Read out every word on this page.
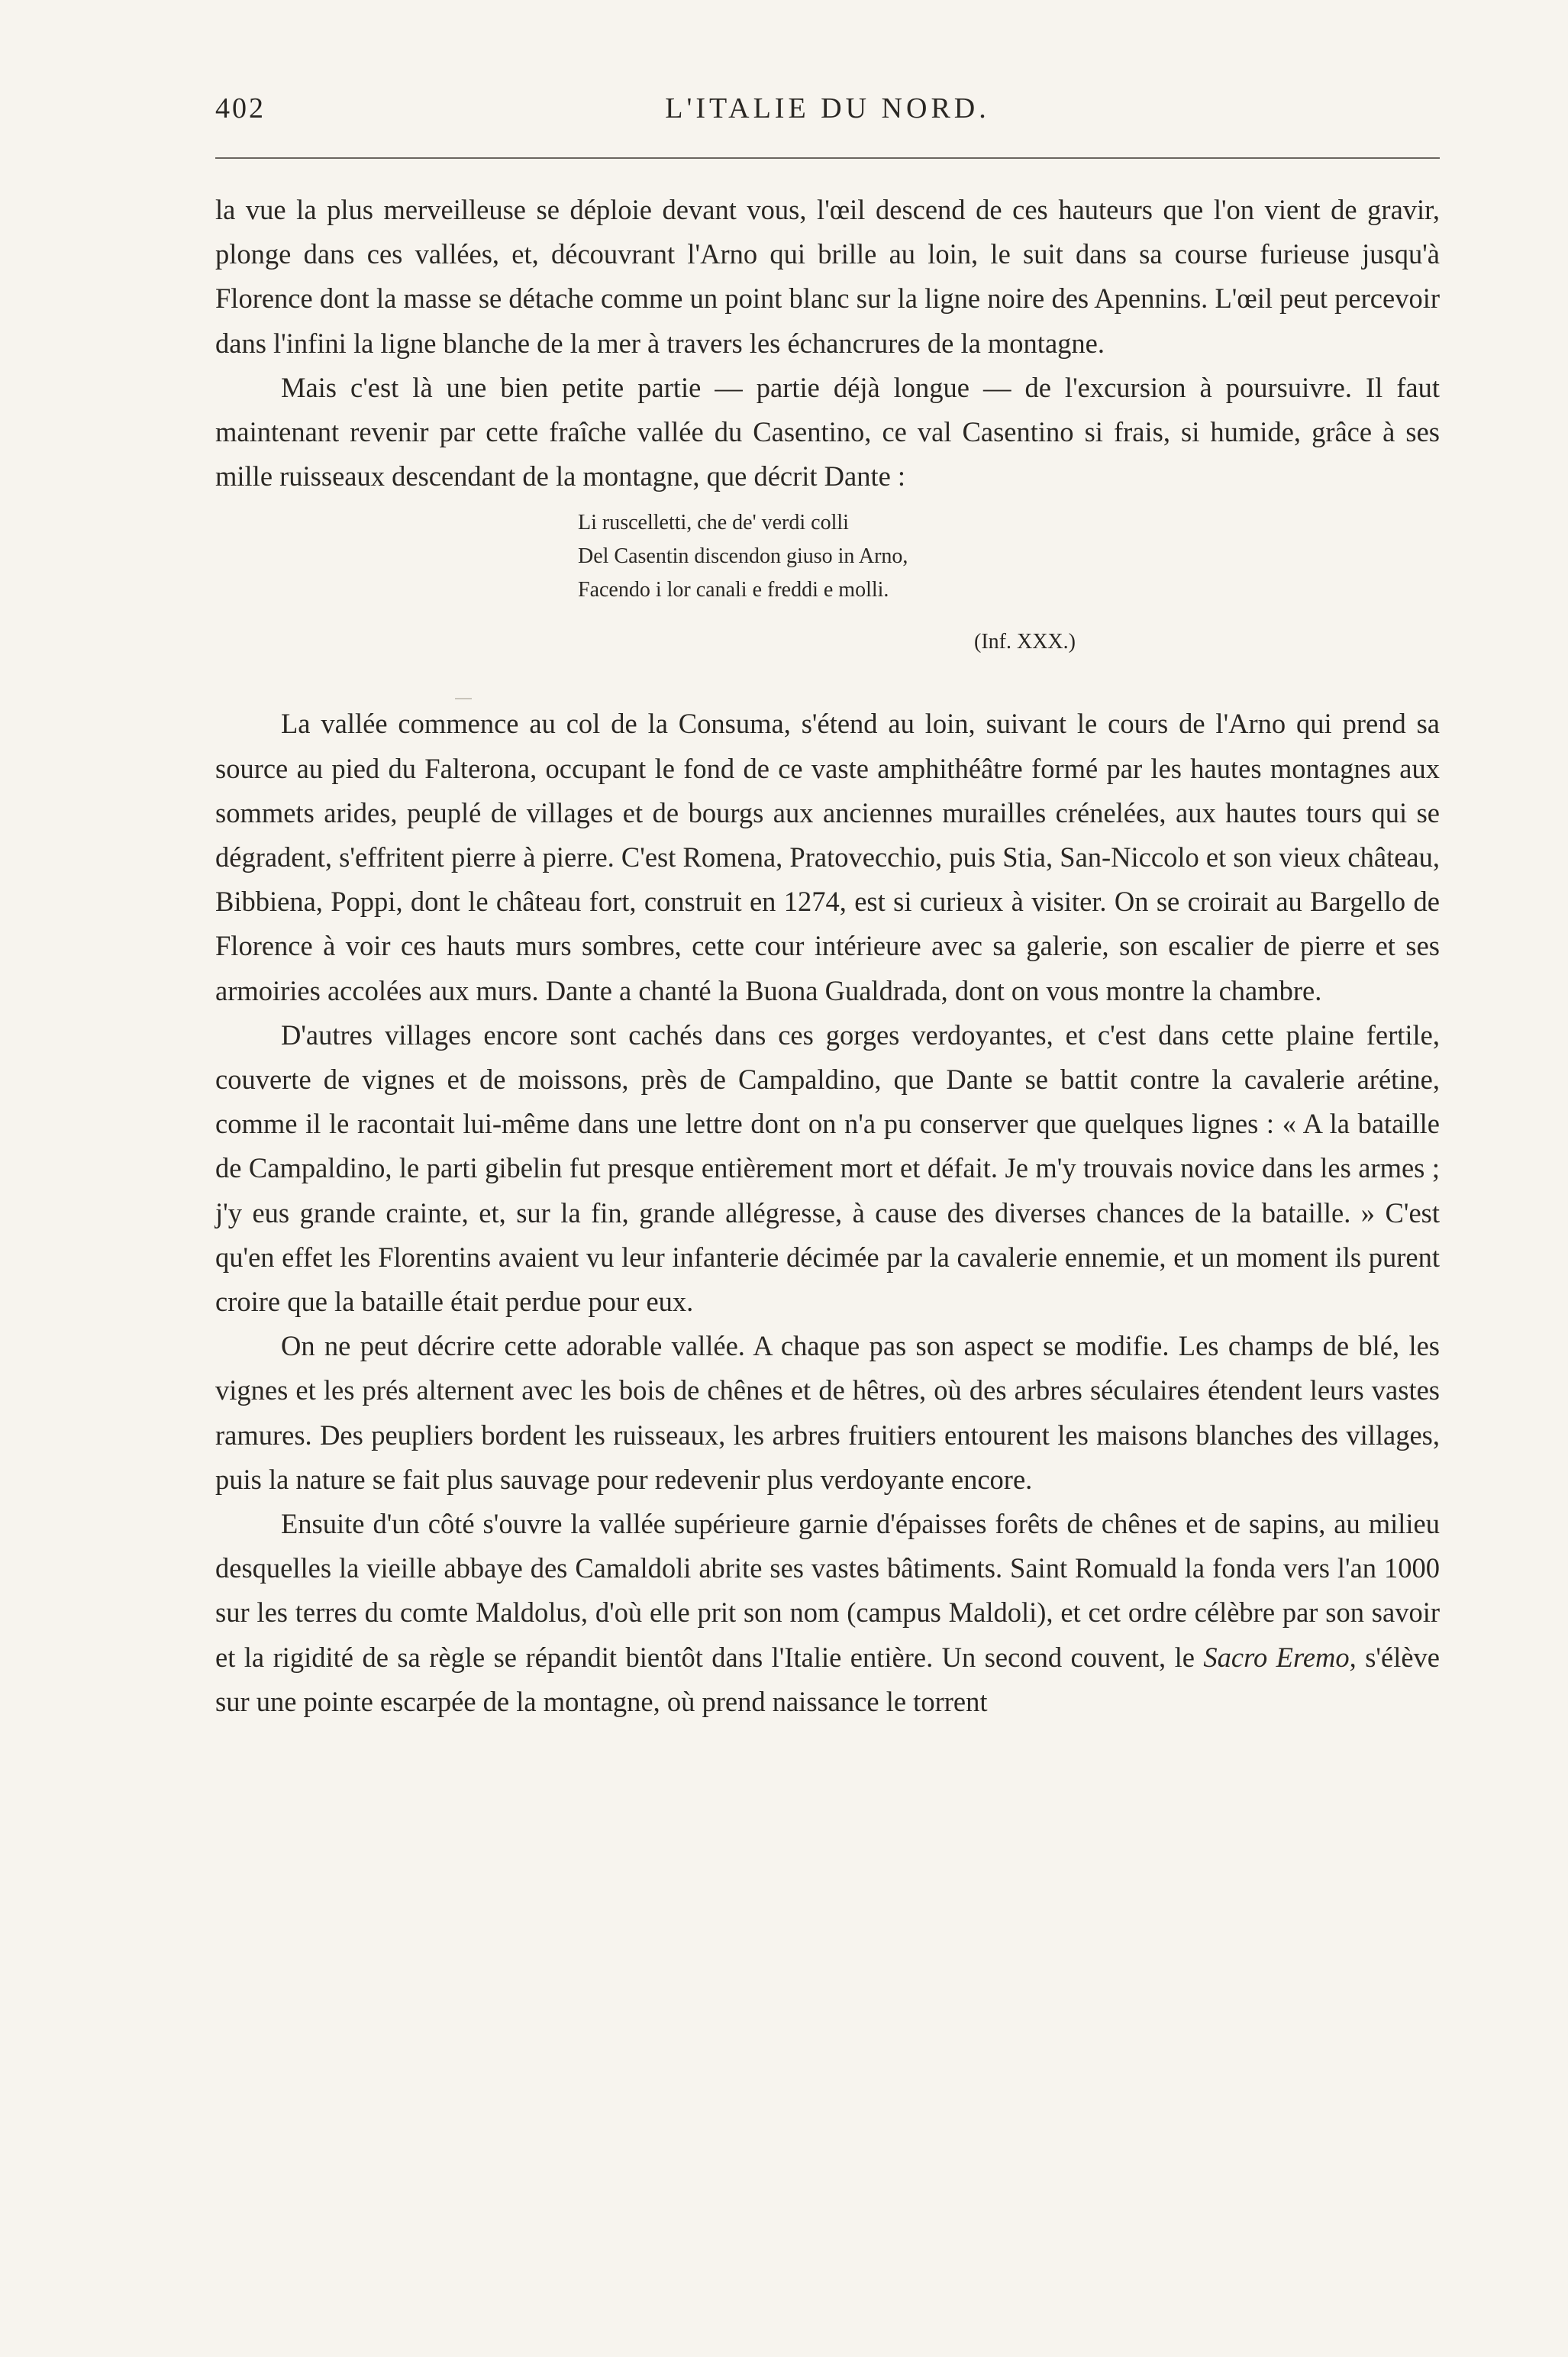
402	L'ITALIE DU NORD.

la vue la plus merveilleuse se déploie devant vous, l'œil descend de ces hauteurs que l'on vient de gravir, plonge dans ces vallées, et, découvrant l'Arno qui brille au loin, le suit dans sa course furieuse jusqu'à Florence dont la masse se détache comme un point blanc sur la ligne noire des Apennins. L'œil peut percevoir dans l'infini la ligne blanche de la mer à travers les échancrures de la montagne.

Mais c'est là une bien petite partie — partie déjà longue — de l'excursion à poursuivre. Il faut maintenant revenir par cette fraîche vallée du Casentino, ce val Casentino si frais, si humide, grâce à ses mille ruisseaux descendant de la montagne, que décrit Dante :

Li ruscelletti, che de' verdi colli
Del Casentin discendon giuso in Arno,
Facendo i lor canali e freddi e molli.
(Inf. XXX.)

La vallée commence au col de la Consuma, s'étend au loin, suivant le cours de l'Arno qui prend sa source au pied du Falterona, occupant le fond de ce vaste amphithéâtre formé par les hautes montagnes aux sommets arides, peuplé de villages et de bourgs aux anciennes murailles crénelées, aux hautes tours qui se dégradent, s'effritent pierre à pierre. C'est Romena, Pratovecchio, puis Stia, San-Niccolo et son vieux château, Bibbiena, Poppi, dont le château fort, construit en 1274, est si curieux à visiter. On se croirait au Bargello de Florence à voir ces hauts murs sombres, cette cour intérieure avec sa galerie, son escalier de pierre et ses armoiries accolées aux murs. Dante a chanté la Buona Gualdrada, dont on vous montre la chambre.

D'autres villages encore sont cachés dans ces gorges verdoyantes, et c'est dans cette plaine fertile, couverte de vignes et de moissons, près de Campaldino, que Dante se battit contre la cavalerie arétine, comme il le racontait lui-même dans une lettre dont on n'a pu conserver que quelques lignes : « A la bataille de Campaldino, le parti gibelin fut presque entièrement mort et défait. Je m'y trouvais novice dans les armes ; j'y eus grande crainte, et, sur la fin, grande allégresse, à cause des diverses chances de la bataille. » C'est qu'en effet les Florentins avaient vu leur infanterie décimée par la cavalerie ennemie, et un moment ils purent croire que la bataille était perdue pour eux.

On ne peut décrire cette adorable vallée. A chaque pas son aspect se modifie. Les champs de blé, les vignes et les prés alternent avec les bois de chênes et de hêtres, où des arbres séculaires étendent leurs vastes ramures. Des peupliers bordent les ruisseaux, les arbres fruitiers entourent les maisons blanches des villages, puis la nature se fait plus sauvage pour redevenir plus verdoyante encore.

Ensuite d'un côté s'ouvre la vallée supérieure garnie d'épaisses forêts de chênes et de sapins, au milieu desquelles la vieille abbaye des Camaldoli abrite ses vastes bâtiments. Saint Romuald la fonda vers l'an 1000 sur les terres du comte Maldolus, d'où elle prit son nom (campus Maldoli), et cet ordre célèbre par son savoir et la rigidité de sa règle se répandit bientôt dans l'Italie entière. Un second couvent, le Sacro Eremo, s'élève sur une pointe escarpée de la montagne, où prend naissance le torrent
